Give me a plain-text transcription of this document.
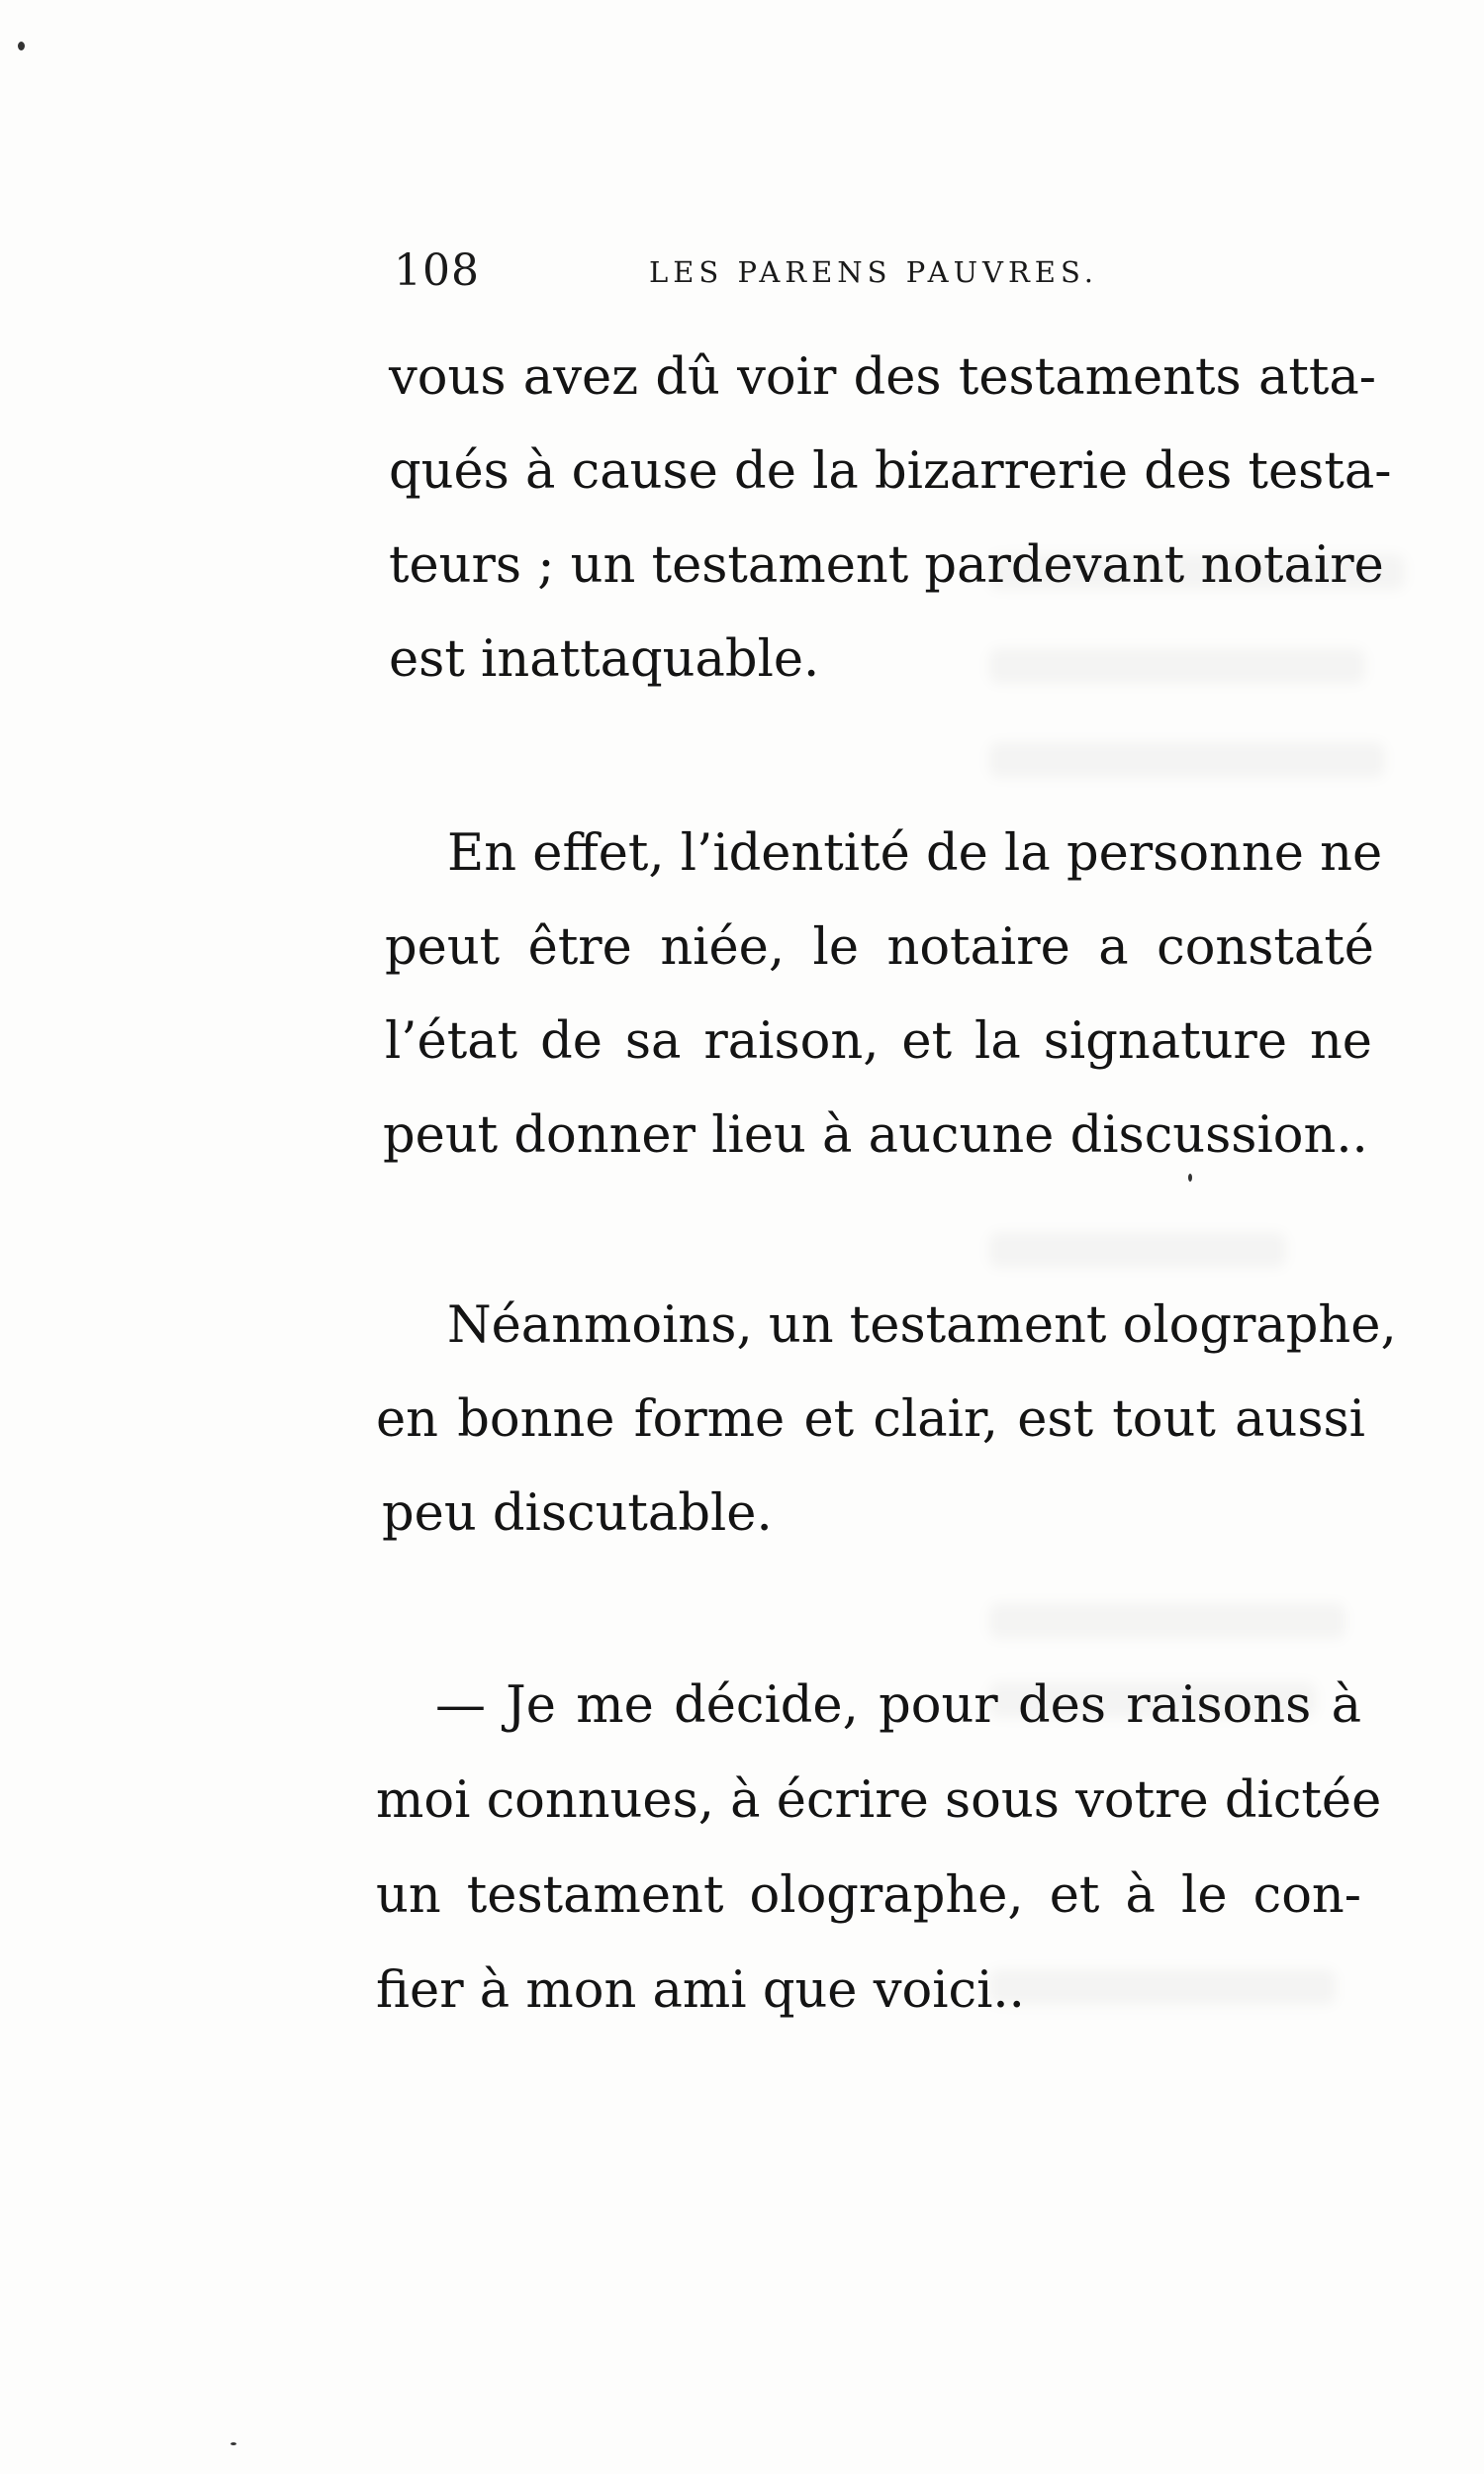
108	LES PARENS PAUVRES.
vous avez dû voir des testaments atta-
qués à cause de la bizarrerie des testa-
teurs ; un testament pardevant notaire
est inattaquable.
En effet, l’identité de la personne ne
peut être niée, le notaire a constaté
l’état de sa raison, et la signature ne
peut donner lieu à aucune discussion..
Néanmoins, un testament olographe,
en bonne forme et clair, est tout aussi
peu discutable.
— Je me décide, pour des raisons à
moi connues, à écrire sous votre dictée
un testament olographe, et à le con-
fier à mon ami que voici..
